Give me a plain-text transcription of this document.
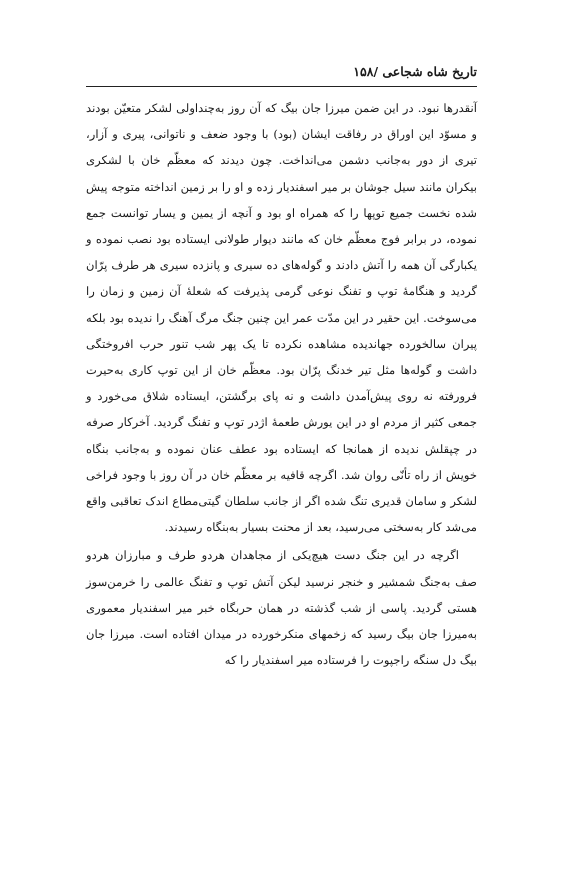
تاریخ شاه شجاعی /۱۵۸

آنقدرها نبود. در این ضمن میرزا جان بیگ که آن روز به‌چنداولی لشکر متعیّن بودند و مسوّد این اوراق در رفاقت ایشان (بود) با وجود ضعف و ناتوانی، پیری و آزار، تیری از دور به‌جانب دشمن می‌انداخت. چون دیدند که معظّم خان با لشکری بیکران مانند سیل جوشان بر میر اسفندیار زده و او را بر زمین انداخته متوجه پیش شده نخست جمیع توپها را که همراه او بود و آنچه از یمین و یسار توانست جمع نموده، در برابر فوج معظّم خان که مانند دیوار طولانی ایستاده بود نصب نموده و یکبارگی آن همه را آتش دادند و گوله‌های ده سیری و پانزده سیری هر طرف پرّان گردید و هنگامهٔ توپ و تفنگ نوعی گرمی پذیرفت که شعلهٔ آن زمین و زمان را می‌سوخت. این حقیر در این مدّت عمر این چنین جنگ مرگ آهنگ را ندیده بود بلکه پیران سالخورده جهاندیده مشاهده نکرده تا یک پهر شب تنور حرب افروختگی داشت و گوله‌ها مثل تیر خدنگ پرّان بود. معظّم خان از این توپ کاری به‌حیرت فرورفته نه روی پیش‌آمدن داشت و نه پای برگشتن، ایستاده شلاق می‌خورد و جمعی کثیر از مردم او در این یورش طعمهٔ اژدر توپ و تفنگ گردید. آخرکار صرفه در چپقلش ندیده از همانجا که ایستاده بود عطف عنان نموده و به‌جانب بنگاه خویش از راه تأنّی روان شد. اگرچه قافیه بر معظّم خان در آن روز با وجود فراخی لشکر و سامان قدیری تنگ شده اگر از جانب سلطان گیتی‌مطاع اندک تعاقبی واقع می‌شد کار به‌سختی می‌رسید، بعد از محنت بسیار به‌بنگاه رسیدند.

اگرچه در این جنگ دست هیچ‌یکی از مجاهدان هردو طرف و مبارزان هردو صف به‌جنگ شمشیر و خنجر نرسید لیکن آتش توپ و تفنگ عالمی را خرمن‌سوز هستی گردید. پاسی از شب گذشته در همان حربگاه خبر میر اسفندیار معموری به‌میرزا جان بیگ رسید که زخمهای منکرخورده در میدان افتاده است. میرزا جان بیگ دل سنگه راجپوت را فرستاده میر اسفندیار را که
